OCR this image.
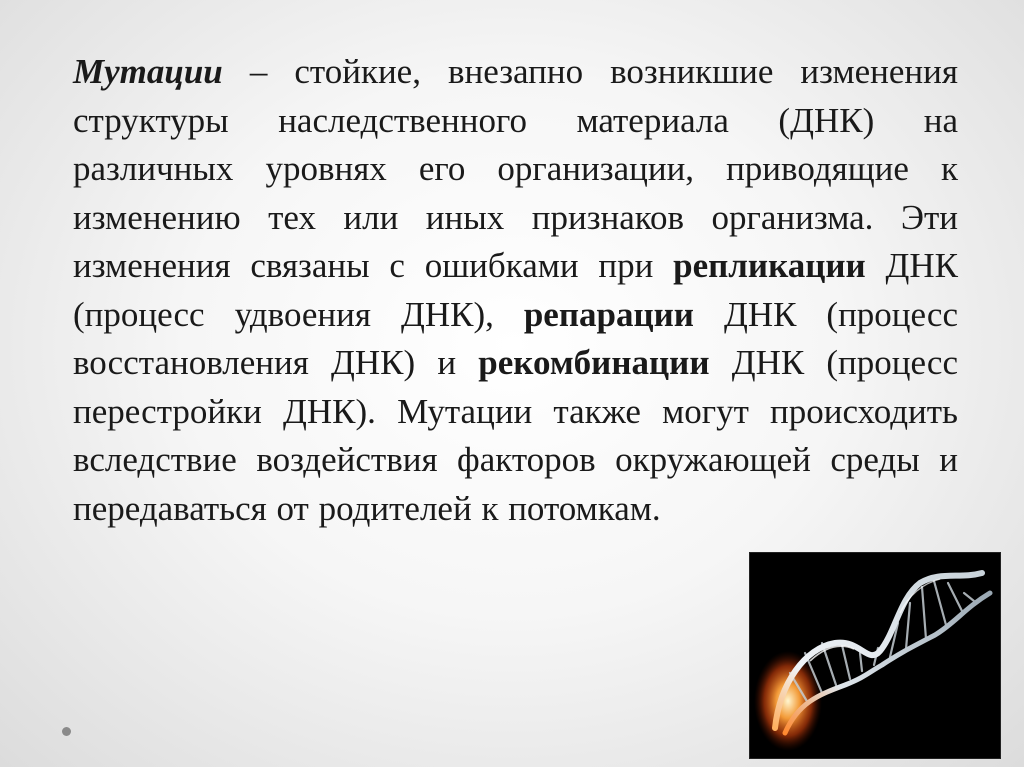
Мутации – стойкие, внезапно возникшие изменения структуры наследственного материала (ДНК) на различных уровнях его организации, приводящие к изменению тех или иных признаков организма. Эти изменения связаны с ошибками при репликации ДНК (процесс удвоения ДНК), репарации ДНК (процесс восстановления ДНК) и рекомбинации ДНК (процесс перестройки ДНК). Мутации также могут происходить вследствие воздействия факторов окружающей среды и передаваться от родителей к потомкам.
